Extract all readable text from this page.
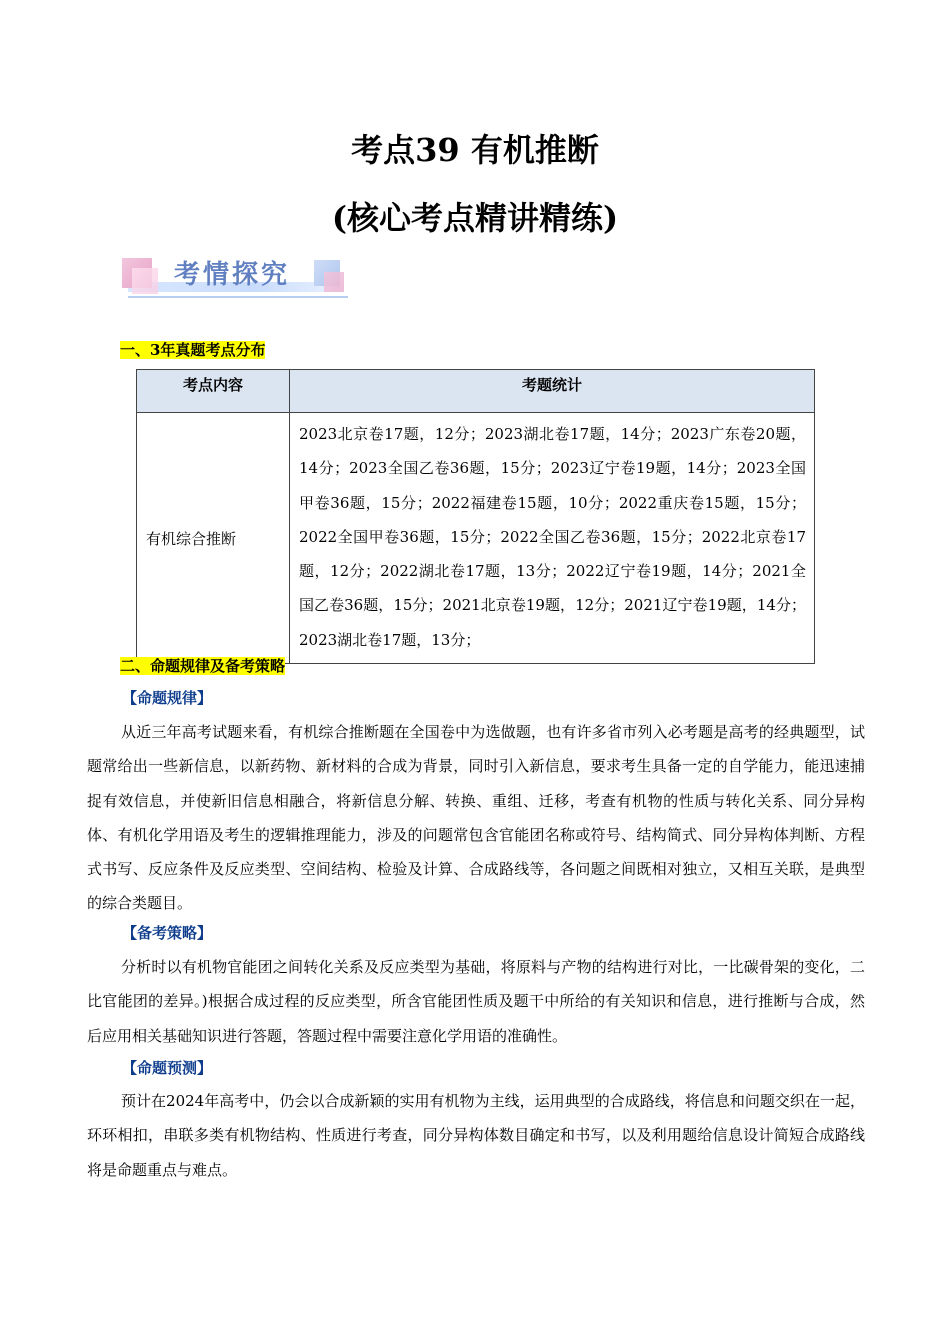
考点39 有机推断
(核心考点精讲精练)
考情探究
一、3年真题考点分布
考点内容	考题统计
有机综合推断	2023北京卷17题，12分；2023湖北卷17题，14分；2023广东卷20题，14分；2023全国乙卷36题，15分；2023辽宁卷19题，14分；2023全国甲卷36题，15分；2022福建卷15题，10分；2022重庆卷15题，15分；2022全国甲卷36题，15分；2022全国乙卷36题，15分；2022北京卷17题，12分；2022湖北卷17题，13分；2022辽宁卷19题，14分；2021全国乙卷36题，15分；2021北京卷19题，12分；2021辽宁卷19题，14分；2023湖北卷17题，13分；
二、命题规律及备考策略
【命题规律】
从近三年高考试题来看，有机综合推断题在全国卷中为选做题，也有许多省市列入必考题是高考的经典题型，试题常给出一些新信息，以新药物、新材料的合成为背景，同时引入新信息，要求考生具备一定的自学能力，能迅速捕捉有效信息，并使新旧信息相融合，将新信息分解、转换、重组、迁移，考查有机物的性质与转化关系、同分异构体、有机化学用语及考生的逻辑推理能力，涉及的问题常包含官能团名称或符号、结构简式、同分异构体判断、方程式书写、反应条件及反应类型、空间结构、检验及计算、合成路线等，各问题之间既相对独立，又相互关联，是典型的综合类题目。
【备考策略】
分析时以有机物官能团之间转化关系及反应类型为基础，将原料与产物的结构进行对比，一比碳骨架的变化，二比官能团的差异。)根据合成过程的反应类型，所含官能团性质及题干中所给的有关知识和信息，进行推断与合成，然后应用相关基础知识进行答题，答题过程中需要注意化学用语的准确性。
【命题预测】
预计在2024年高考中，仍会以合成新颖的实用有机物为主线，运用典型的合成路线，将信息和问题交织在一起，环环相扣，串联多类有机物结构、性质进行考查，同分异构体数目确定和书写，以及利用题给信息设计简短合成路线将是命题重点与难点。
